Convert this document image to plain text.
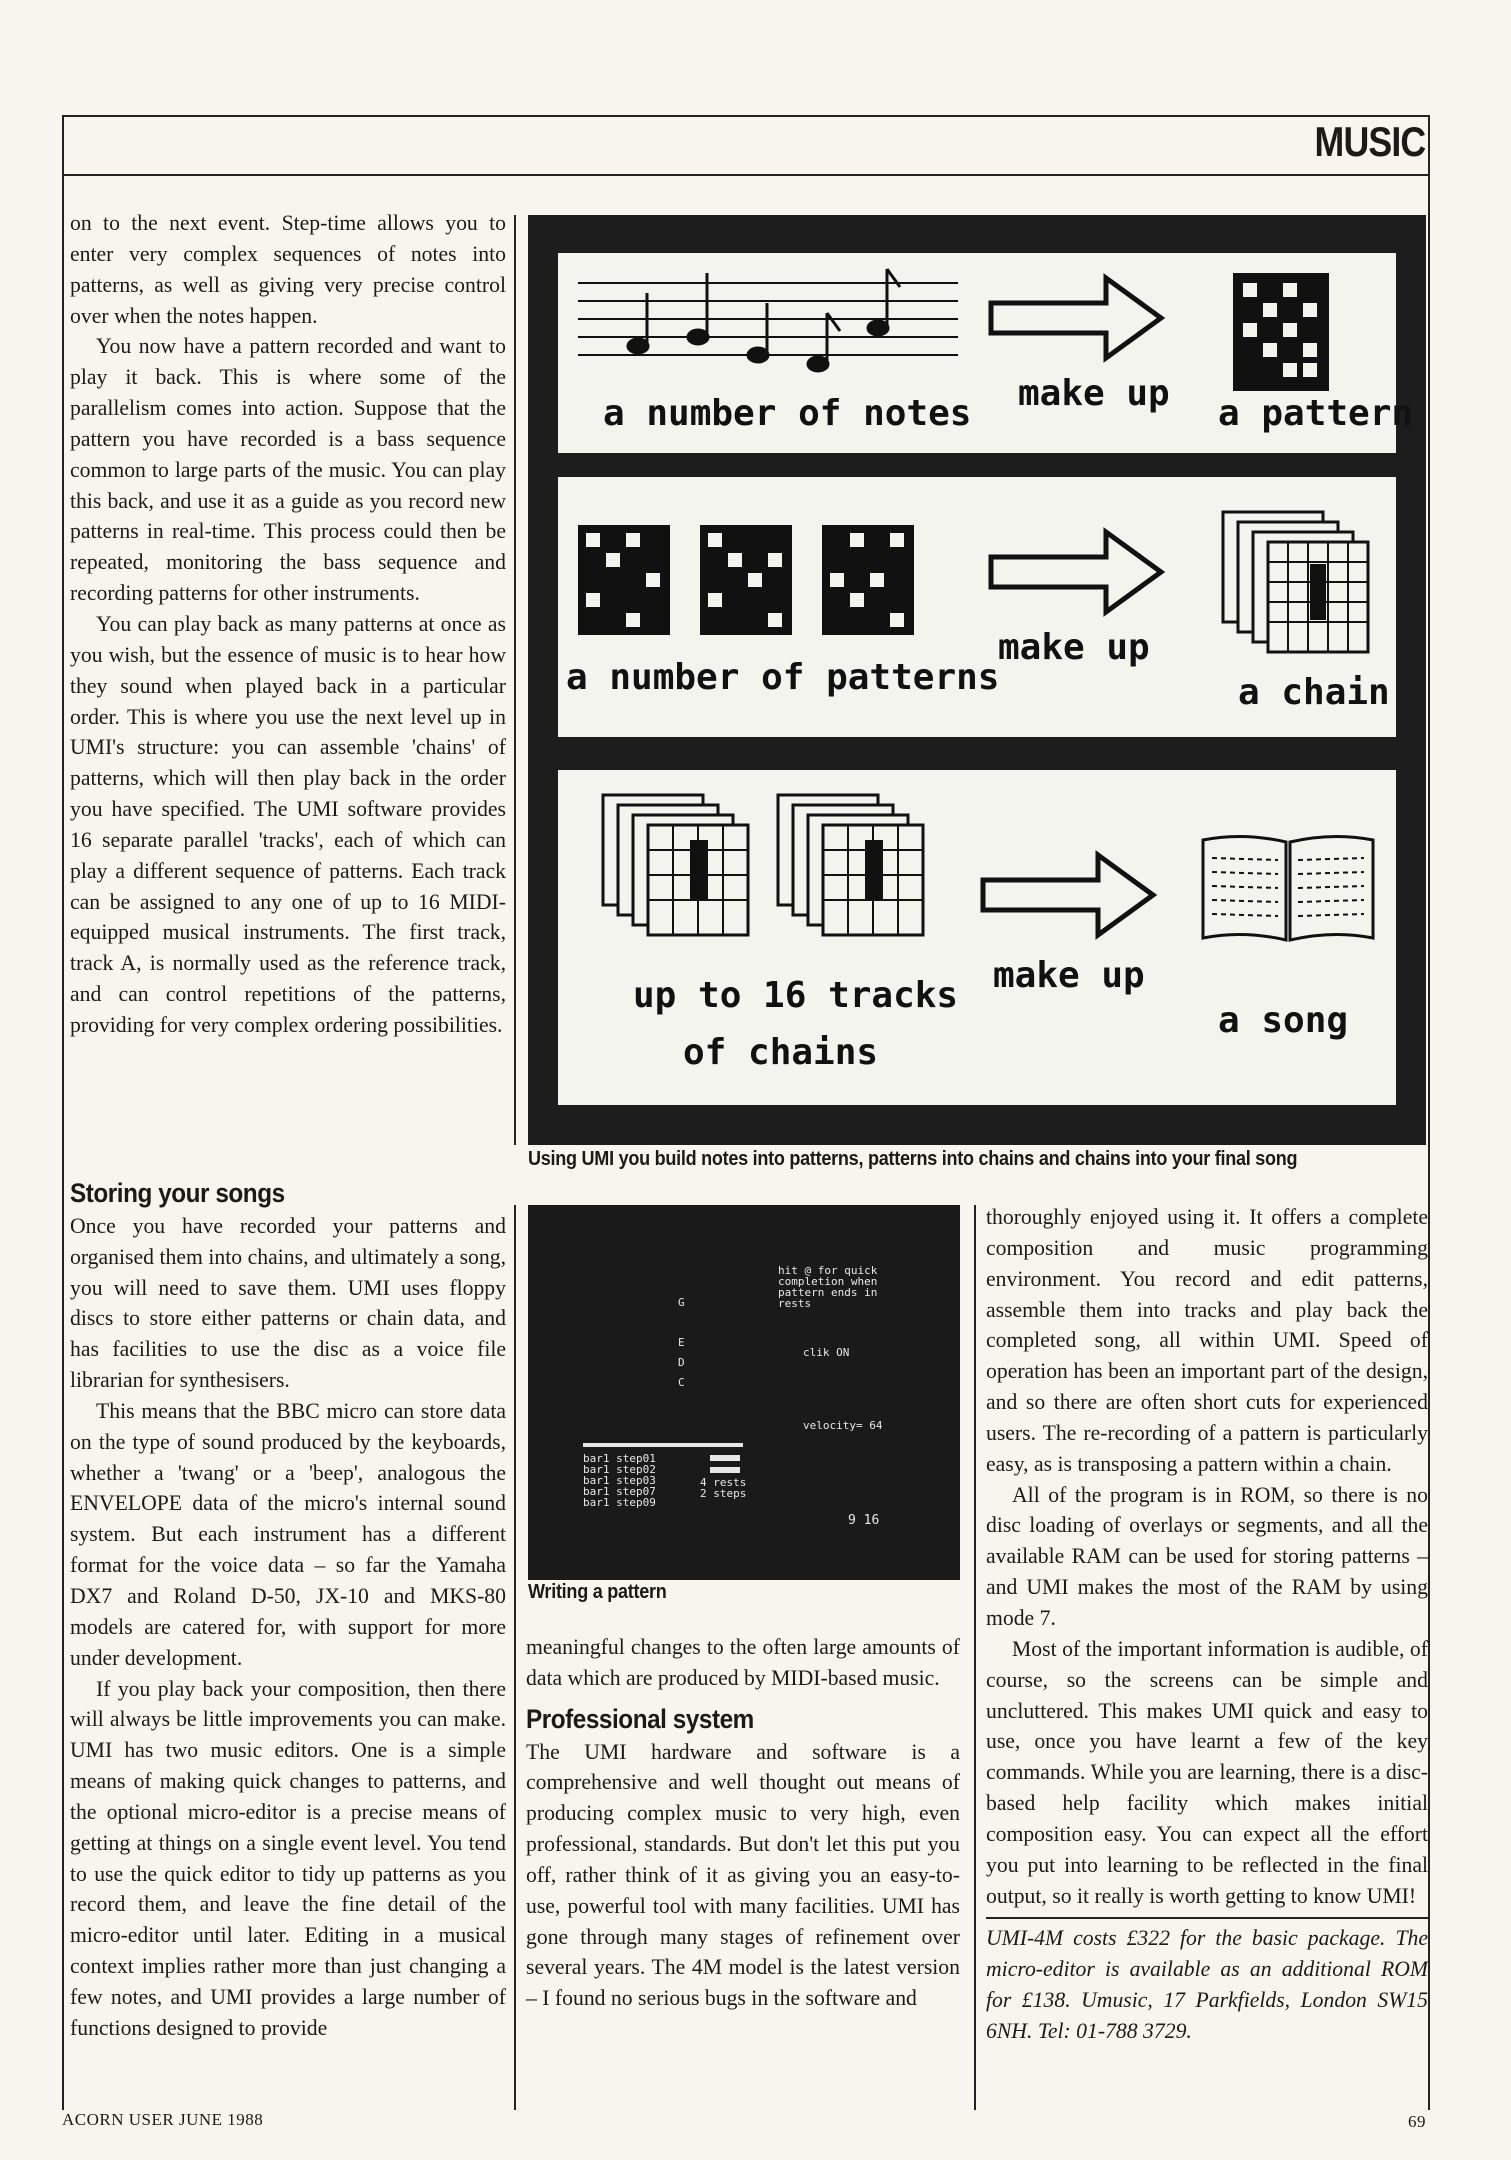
MUSIC

on to the next event. Step-time allows you to enter very complex sequences of notes into patterns, as well as giving very precise control over when the notes happen.

You now have a pattern recorded and want to play it back. This is where some of the parallelism comes into action. Suppose that the pattern you have recorded is a bass sequence common to large parts of the music. You can play this back, and use it as a guide as you record new patterns in real-time. This process could then be repeated, monitoring the bass sequence and recording patterns for other instruments.

You can play back as many patterns at once as you wish, but the essence of music is to hear how they sound when played back in a particular order. This is where you use the next level up in UMI's structure: you can assemble 'chains' of patterns, which will then play back in the order you have specified. The UMI software provides 16 separate parallel 'tracks', each of which can play a different sequence of patterns. Each track can be assigned to any one of up to 16 MIDI-equipped musical instruments. The first track, track A, is normally used as the reference track, and can control repetitions of the patterns, providing for very complex ordering possibilities.

Storing your songs

Once you have recorded your patterns and organised them into chains, and ultimately a song, you will need to save them. UMI uses floppy discs to store either patterns or chain data, and has facilities to use the disc as a voice file librarian for synthesisers.

This means that the BBC micro can store data on the type of sound produced by the keyboards, whether a 'twang' or a 'beep', analogous the ENVELOPE data of the micro's internal sound system. But each instrument has a different format for the voice data – so far the Yamaha DX7 and Roland D-50, JX-10 and MKS-80 models are catered for, with support for more under development.

If you play back your composition, then there will always be little improvements you can make. UMI has two music editors. One is a simple means of making quick changes to patterns, and the optional micro-editor is a precise means of getting at things on a single event level. You tend to use the quick editor to tidy up patterns as you record them, and leave the fine detail of the micro-editor until later. Editing in a musical context implies rather more than just changing a few notes, and UMI provides a large number of functions designed to provide

a number of notes make up a pattern
a number of patterns
make up
a chain
up to 16 tracks
of chains
make up
a song
Using UMI you build notes into patterns, patterns into chains and chains into your final song
hit @ for quick
completion when
pattern ends in
rests
G
E
D
C
clik ON
velocity= 64
bar1 step01
bar1 step02
bar1 step03
bar1 step07
bar1 step09
4 rests
2 steps
9 16
Writing a pattern

meaningful changes to the often large amounts of data which are produced by MIDI-based music.

Professional system

The UMI hardware and software is a comprehensive and well thought out means of producing complex music to very high, even professional, standards. But don't let this put you off, rather think of it as giving you an easy-to-use, powerful tool with many facilities. UMI has gone through many stages of refinement over several years. The 4M model is the latest version – I found no serious bugs in the software and

thoroughly enjoyed using it. It offers a complete composition and music programming environment. You record and edit patterns, assemble them into tracks and play back the completed song, all within UMI. Speed of operation has been an important part of the design, and so there are often short cuts for experienced users. The re-recording of a pattern is particularly easy, as is transposing a pattern within a chain.

All of the program is in ROM, so there is no disc loading of overlays or segments, and all the available RAM can be used for storing patterns – and UMI makes the most of the RAM by using mode 7.

Most of the important information is audible, of course, so the screens can be simple and uncluttered. This makes UMI quick and easy to use, once you have learnt a few of the key commands. While you are learning, there is a disc-based help facility which makes initial composition easy. You can expect all the effort you put into learning to be reflected in the final output, so it really is worth getting to know UMI!

UMI-4M costs £322 for the basic package. The micro-editor is available as an additional ROM for £138. Umusic, 17 Parkfields, London SW15 6NH. Tel: 01-788 3729.
ACORN USER JUNE 1988	69
